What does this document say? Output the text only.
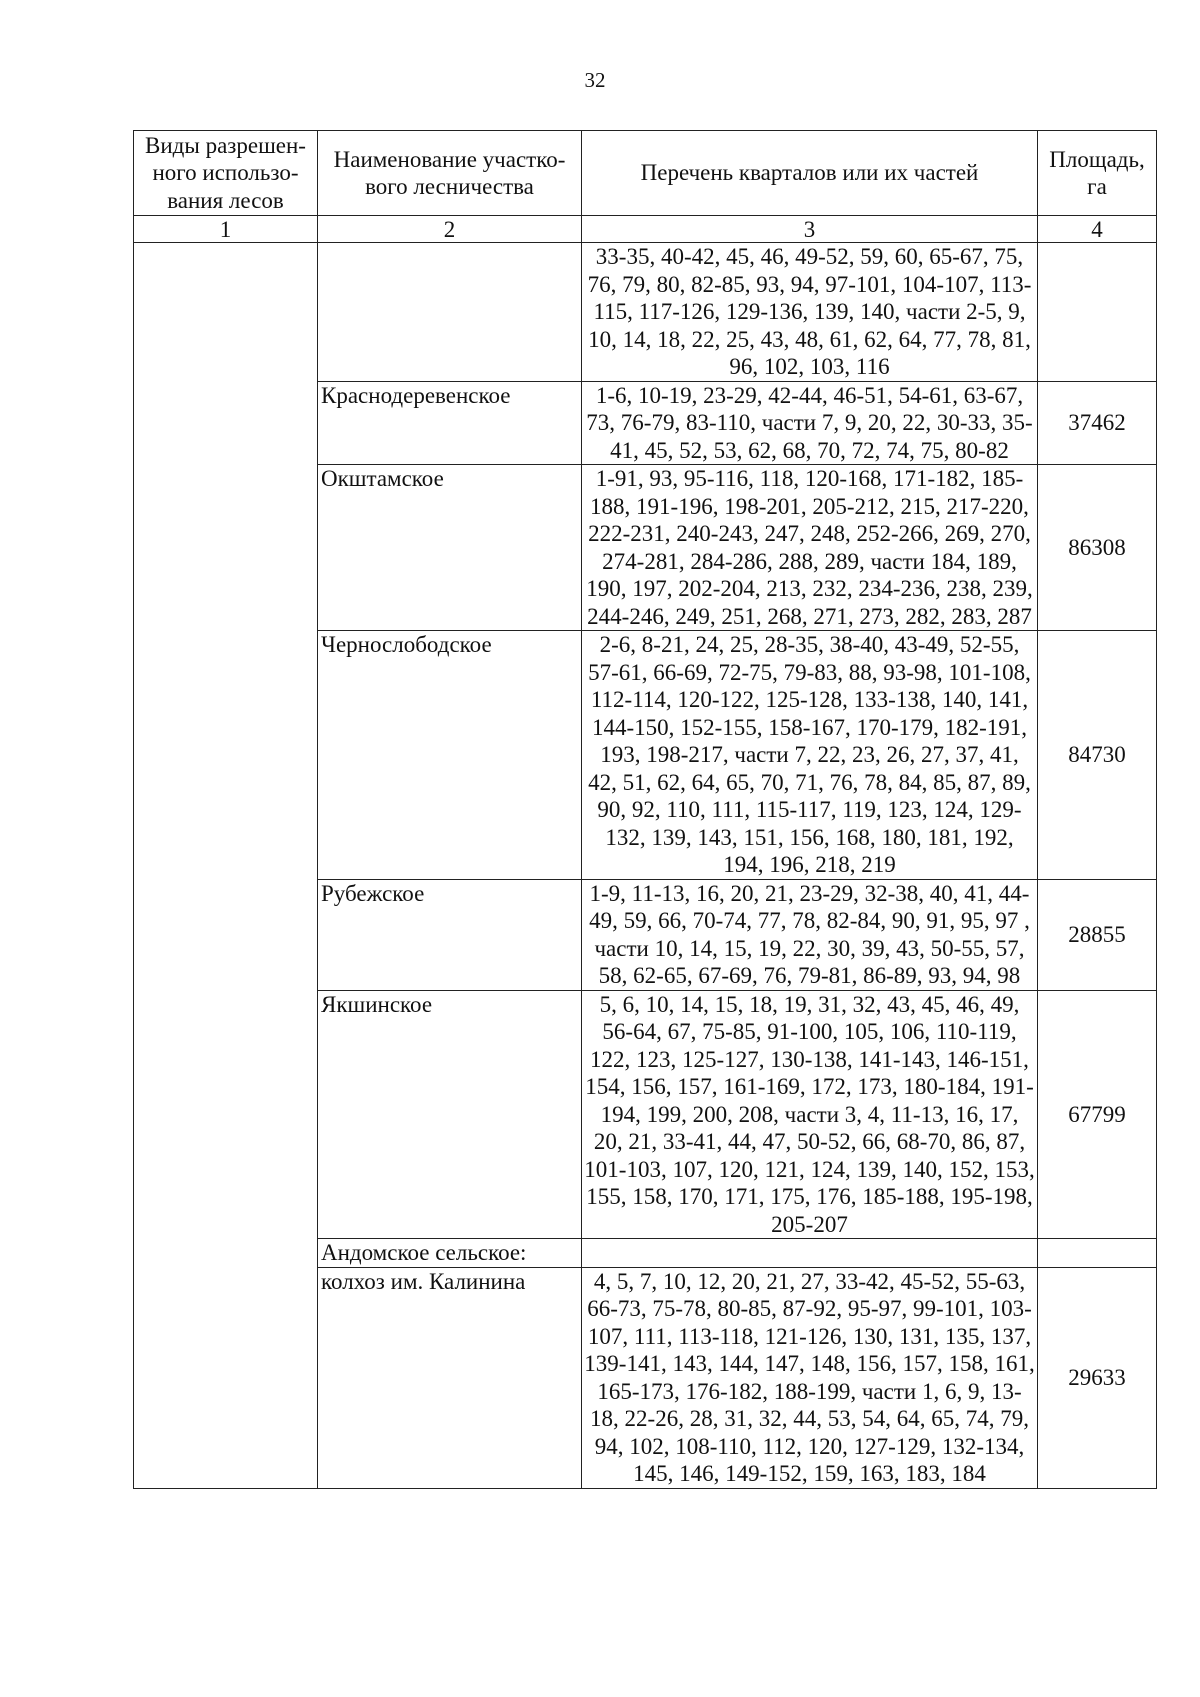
32
Виды разрешен-ного использо-вания лесов	Наименование участко-вого лесничества	Перечень кварталов или их частей	Площадь, га
1	2	3	4
		33-35, 40-42, 45, 46, 49-52, 59, 60, 65-67, 75, 76, 79, 80, 82-85, 93, 94, 97-101, 104-107, 113-115, 117-126, 129-136, 139, 140, части 2-5, 9, 10, 14, 18, 22, 25, 43, 48, 61, 62, 64, 77, 78, 81, 96, 102, 103, 116	
	Краснодеревенское	1-6, 10-19, 23-29, 42-44, 46-51, 54-61, 63-67, 73, 76-79, 83-110, части 7, 9, 20, 22, 30-33, 35-41, 45, 52, 53, 62, 68, 70, 72, 74, 75, 80-82	37462
	Окштамское	1-91, 93, 95-116, 118, 120-168, 171-182, 185-188, 191-196, 198-201, 205-212, 215, 217-220, 222-231, 240-243, 247, 248, 252-266, 269, 270, 274-281, 284-286, 288, 289, части 184, 189, 190, 197, 202-204, 213, 232, 234-236, 238, 239, 244-246, 249, 251, 268, 271, 273, 282, 283, 287	86308
	Чернослободское	2-6, 8-21, 24, 25, 28-35, 38-40, 43-49, 52-55, 57-61, 66-69, 72-75, 79-83, 88, 93-98, 101-108, 112-114, 120-122, 125-128, 133-138, 140, 141, 144-150, 152-155, 158-167, 170-179, 182-191, 193, 198-217, части 7, 22, 23, 26, 27, 37, 41, 42, 51, 62, 64, 65, 70, 71, 76, 78, 84, 85, 87, 89, 90, 92, 110, 111, 115-117, 119, 123, 124, 129-132, 139, 143, 151, 156, 168, 180, 181, 192, 194, 196, 218, 219	84730
	Рубежское	1-9, 11-13, 16, 20, 21, 23-29, 32-38, 40, 41, 44-49, 59, 66, 70-74, 77, 78, 82-84, 90, 91, 95, 97 , части 10, 14, 15, 19, 22, 30, 39, 43, 50-55, 57, 58, 62-65, 67-69, 76, 79-81, 86-89, 93, 94, 98	28855
	Якшинское	5, 6, 10, 14, 15, 18, 19, 31, 32, 43, 45, 46, 49, 56-64, 67, 75-85, 91-100, 105, 106, 110-119, 122, 123, 125-127, 130-138, 141-143, 146-151, 154, 156, 157, 161-169, 172, 173, 180-184, 191-194, 199, 200, 208, части 3, 4, 11-13, 16, 17, 20, 21, 33-41, 44, 47, 50-52, 66, 68-70, 86, 87, 101-103, 107, 120, 121, 124, 139, 140, 152, 153, 155, 158, 170, 171, 175, 176, 185-188, 195-198, 205-207	67799
	Андомское сельское:		
	колхоз им. Калинина	4, 5, 7, 10, 12, 20, 21, 27, 33-42, 45-52, 55-63, 66-73, 75-78, 80-85, 87-92, 95-97, 99-101, 103-107, 111, 113-118, 121-126, 130, 131, 135, 137, 139-141, 143, 144, 147, 148, 156, 157, 158, 161, 165-173, 176-182, 188-199, части 1, 6, 9, 13-18, 22-26, 28, 31, 32, 44, 53, 54, 64, 65, 74, 79, 94, 102, 108-110, 112, 120, 127-129, 132-134, 145, 146, 149-152, 159, 163, 183, 184	29633
